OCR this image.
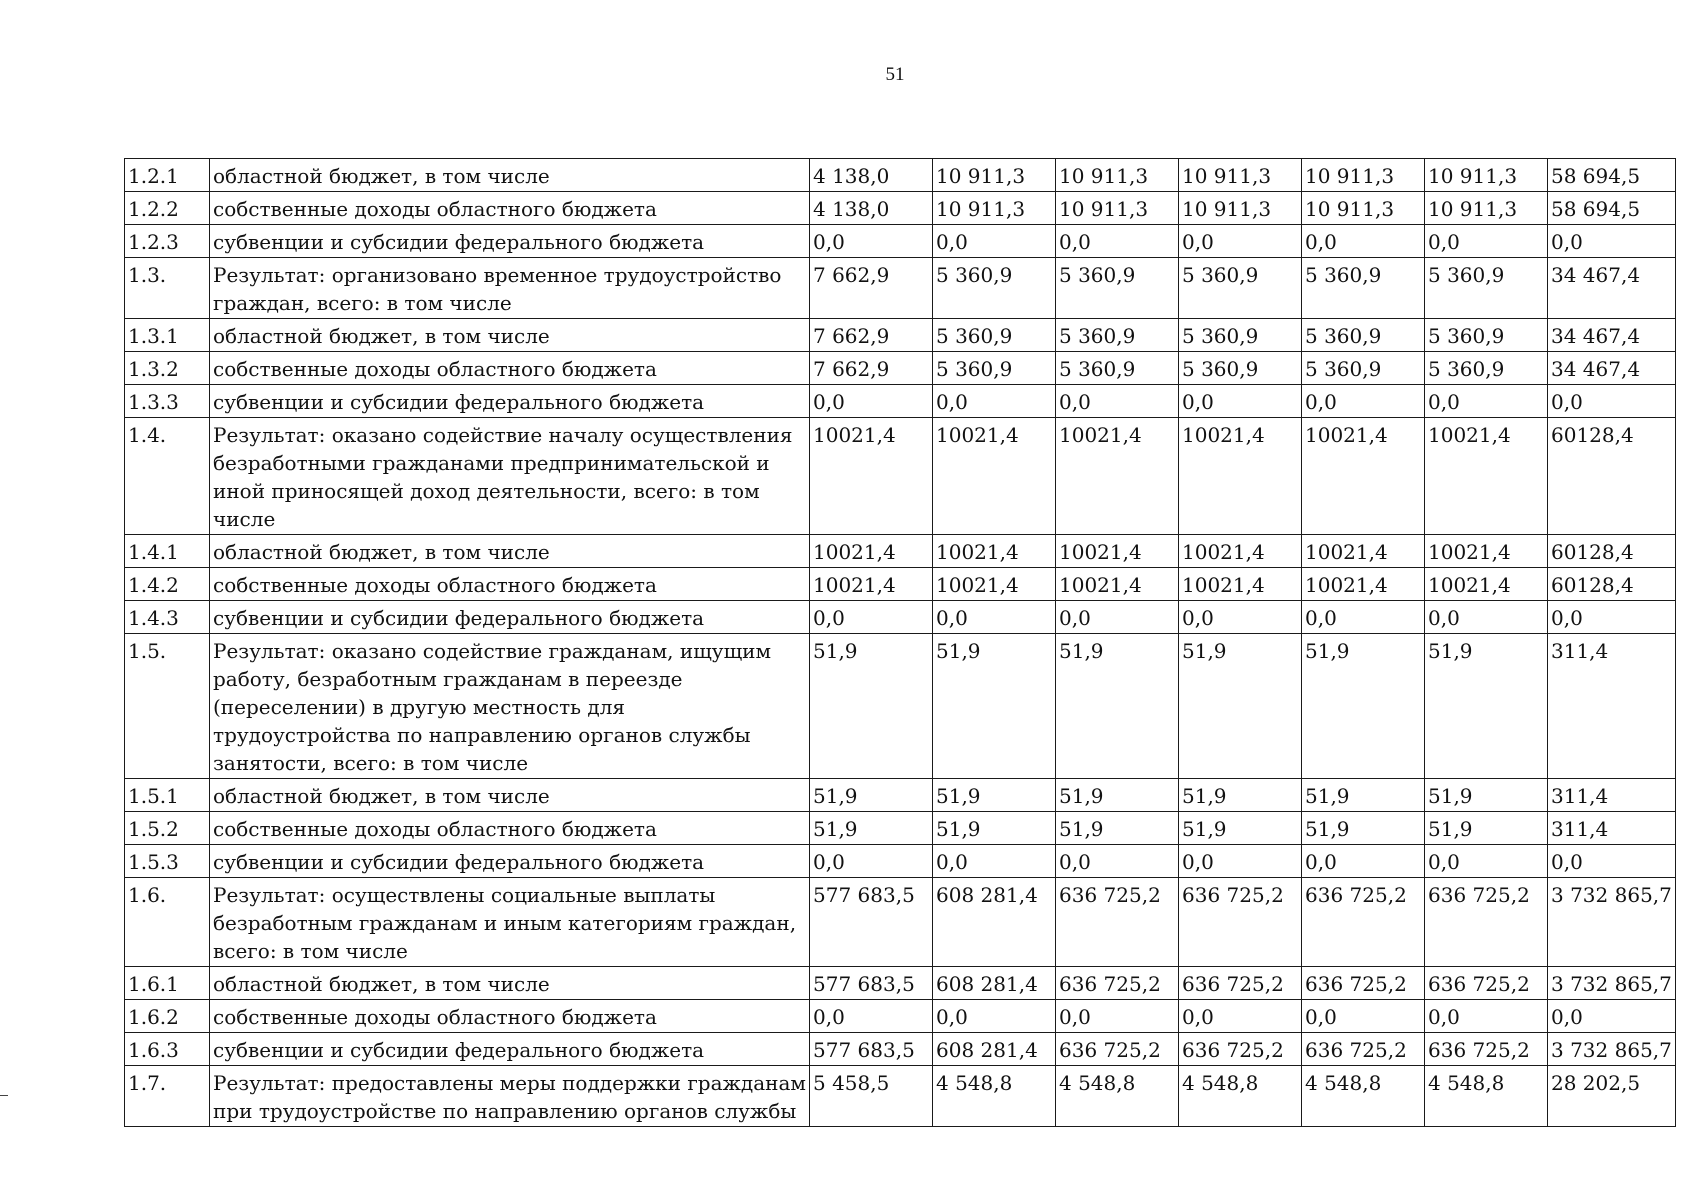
51
1.2.1	областной бюджет, в том числе	4 138,0	10 911,3	10 911,3	10 911,3	10 911,3	10 911,3	58 694,5
1.2.2	собственные доходы областного бюджета	4 138,0	10 911,3	10 911,3	10 911,3	10 911,3	10 911,3	58 694,5
1.2.3	субвенции и субсидии федерального бюджета	0,0	0,0	0,0	0,0	0,0	0,0	0,0
1.3.	Результат: организовано временное трудоустройство граждан, всего: в том числе	7 662,9	5 360,9	5 360,9	5 360,9	5 360,9	5 360,9	34 467,4
1.3.1	областной бюджет, в том числе	7 662,9	5 360,9	5 360,9	5 360,9	5 360,9	5 360,9	34 467,4
1.3.2	собственные доходы областного бюджета	7 662,9	5 360,9	5 360,9	5 360,9	5 360,9	5 360,9	34 467,4
1.3.3	субвенции и субсидии федерального бюджета	0,0	0,0	0,0	0,0	0,0	0,0	0,0
1.4.	Результат: оказано содействие началу осуществления безработными гражданами предпринимательской и иной приносящей доход деятельности, всего: в том числе	10021,4	10021,4	10021,4	10021,4	10021,4	10021,4	60128,4
1.4.1	областной бюджет, в том числе	10021,4	10021,4	10021,4	10021,4	10021,4	10021,4	60128,4
1.4.2	собственные доходы областного бюджета	10021,4	10021,4	10021,4	10021,4	10021,4	10021,4	60128,4
1.4.3	субвенции и субсидии федерального бюджета	0,0	0,0	0,0	0,0	0,0	0,0	0,0
1.5.	Результат: оказано содействие гражданам, ищущим работу, безработным гражданам в переезде (переселении) в другую местность для трудоустройства по направлению органов службы занятости, всего: в том числе	51,9	51,9	51,9	51,9	51,9	51,9	311,4
1.5.1	областной бюджет, в том числе	51,9	51,9	51,9	51,9	51,9	51,9	311,4
1.5.2	собственные доходы областного бюджета	51,9	51,9	51,9	51,9	51,9	51,9	311,4
1.5.3	субвенции и субсидии федерального бюджета	0,0	0,0	0,0	0,0	0,0	0,0	0,0
1.6.	Результат: осуществлены социальные выплаты безработным гражданам и иным категориям граждан, всего: в том числе	577 683,5	608 281,4	636 725,2	636 725,2	636 725,2	636 725,2	3 732 865,7
1.6.1	областной бюджет, в том числе	577 683,5	608 281,4	636 725,2	636 725,2	636 725,2	636 725,2	3 732 865,7
1.6.2	собственные доходы областного бюджета	0,0	0,0	0,0	0,0	0,0	0,0	0,0
1.6.3	субвенции и субсидии федерального бюджета	577 683,5	608 281,4	636 725,2	636 725,2	636 725,2	636 725,2	3 732 865,7
1.7.	Результат: предоставлены меры поддержки гражданам при трудоустройстве по направлению органов службы	5 458,5	4 548,8	4 548,8	4 548,8	4 548,8	4 548,8	28 202,5
